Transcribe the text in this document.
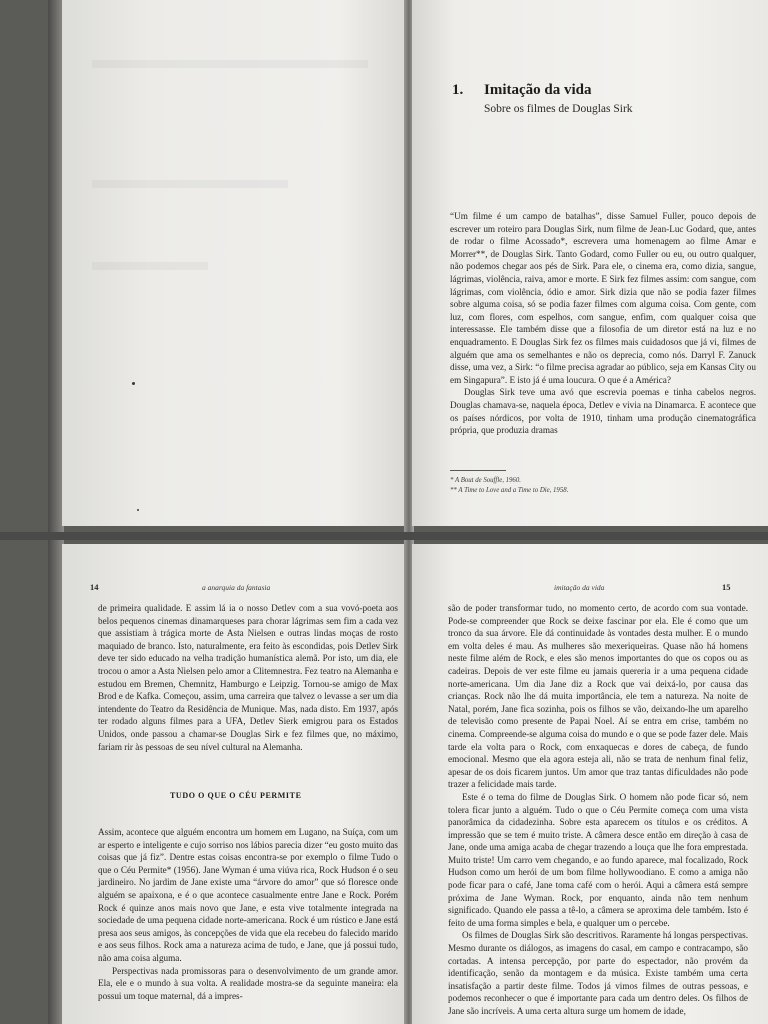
1. Imitação da vida
Sobre os filmes de Douglas Sirk

“Um filme é um campo de batalhas”, disse Samuel Fuller, pouco depois de escrever um roteiro para Douglas Sirk, num filme de Jean-Luc Godard, que, antes de rodar o filme Acossado*, escrevera uma homenagem ao filme Amar e Morrer**, de Douglas Sirk. Tanto Godard, como Fuller ou eu, ou outro qualquer, não podemos chegar aos pés de Sirk. Para ele, o cinema era, como dizia, sangue, lágrimas, violência, raiva, amor e morte. E Sirk fez filmes assim: com sangue, com lágrimas, com violência, ódio e amor. Sirk dizia que não se podia fazer filmes sobre alguma coisa, só se podia fazer filmes com alguma coisa. Com gente, com luz, com flores, com espelhos, com sangue, enfim, com qualquer coisa que interessasse. Ele também disse que a filosofia de um diretor está na luz e no enquadramento. E Douglas Sirk fez os filmes mais cuidadosos que já vi, filmes de alguém que ama os semelhantes e não os deprecia, como nós. Darryl F. Zanuck disse, uma vez, a Sirk: “o filme precisa agradar ao público, seja em Kansas City ou em Singapura”. E isto já é uma loucura. O que é a América?

Douglas Sirk teve uma avó que escrevia poemas e tinha cabelos negros. Douglas chamava-se, naquela época, Detlev e vivia na Dinamarca. E acontece que os países nórdicos, por volta de 1910, tinham uma produção cinematográfica própria, que produzia dramas

* A Bout de Souffle, 1960.
** A Time to Love and a Time to Die, 1958.
14	a anarquia da fantasia

de primeira qualidade. E assim lá ia o nosso Detlev com a sua vovó-poeta aos belos pequenos cinemas dinamarqueses para chorar lágrimas sem fim a cada vez que assistiam à trágica morte de Asta Nielsen e outras lindas moças de rosto maquiado de branco. Isto, naturalmente, era feito às escondidas, pois Detlev Sirk deve ter sido educado na velha tradição humanística alemã. Por isto, um dia, ele trocou o amor a Asta Nielsen pelo amor a Clitemnestra. Fez teatro na Alemanha e estudou em Bremen, Chemnitz, Hamburgo e Leipzig. Tornou-se amigo de Max Brod e de Kafka. Começou, assim, uma carreira que talvez o levasse a ser um dia intendente do Teatro da Residência de Munique. Mas, nada disto. Em 1937, após ter rodado alguns filmes para a UFA, Detlev Sierk emigrou para os Estados Unidos, onde passou a chamar-se Douglas Sirk e fez filmes que, no máximo, fariam rir às pessoas de seu nível cultural na Alemanha.

TUDO O QUE O CÉU PERMITE

Assim, acontece que alguém encontra um homem em Lugano, na Suíça, com um ar esperto e inteligente e cujo sorriso nos lábios parecia dizer “eu gosto muito das coisas que já fiz”. Dentre estas coisas encontra-se por exemplo o filme Tudo o que o Céu Permite* (1956). Jane Wyman é uma viúva rica, Rock Hudson é o seu jardineiro. No jardim de Jane existe uma “árvore do amor” que só floresce onde alguém se apaixona, e é o que acontece casualmente entre Jane e Rock. Porém Rock é quinze anos mais novo que Jane, e esta vive totalmente integrada na sociedade de uma pequena cidade norte-americana. Rock é um rústico e Jane está presa aos seus amigos, às concepções de vida que ela recebeu do falecido marido e aos seus filhos. Rock ama a natureza acima de tudo, e Jane, que já possui tudo, não ama coisa alguma.

Perspectivas nada promissoras para o desenvolvimento de um grande amor. Ela, ele e o mundo à sua volta. A realidade mostra-se da seguinte maneira: ela possui um toque maternal, dá a impres-

imitação da vida	15

são de poder transformar tudo, no momento certo, de acordo com sua vontade. Pode-se compreender que Rock se deixe fascinar por ela. Ele é como que um tronco da sua árvore. Ele dá continuidade às vontades desta mulher. E o mundo em volta deles é mau. As mulheres são mexeriqueiras. Quase não há homens neste filme além de Rock, e eles são menos importantes do que os copos ou as cadeiras. Depois de ver este filme eu jamais quereria ir a uma pequena cidade norte-americana. Um dia Jane diz a Rock que vai deixá-lo, por causa das crianças. Rock não lhe dá muita importância, ele tem a natureza. Na noite de Natal, porém, Jane fica sozinha, pois os filhos se vão, deixando-lhe um aparelho de televisão como presente de Papai Noel. Aí se entra em crise, também no cinema. Compreende-se alguma coisa do mundo e o que se pode fazer dele. Mais tarde ela volta para o Rock, com enxaquecas e dores de cabeça, de fundo emocional. Mesmo que ela agora esteja ali, não se trata de nenhum final feliz, apesar de os dois ficarem juntos. Um amor que traz tantas dificuldades não pode trazer a felicidade mais tarde.

Este é o tema do filme de Douglas Sirk. O homem não pode ficar só, nem tolera ficar junto a alguém. Tudo o que o Céu Permite começa com uma vista panorâmica da cidadezinha. Sobre esta aparecem os títulos e os créditos. A impressão que se tem é muito triste. A câmera desce então em direção à casa de Jane, onde uma amiga acaba de chegar trazendo a louça que lhe fora emprestada. Muito triste! Um carro vem chegando, e ao fundo aparece, mal focalizado, Rock Hudson como um herói de um bom filme hollywoodiano. E como a amiga não pode ficar para o café, Jane toma café com o herói. Aqui a câmera está sempre próxima de Jane Wyman. Rock, por enquanto, ainda não tem nenhum significado. Quando ele passa a tê-lo, a câmera se aproxima dele também. Isto é feito de uma forma simples e bela, e qualquer um o percebe.

Os filmes de Douglas Sirk são descritivos. Raramente há longas perspectivas. Mesmo durante os diálogos, as imagens do casal, em campo e contracampo, são cortadas. A intensa percepção, por parte do espectador, não provém da identificação, senão da montagem e da música. Existe também uma certa insatisfação a partir deste filme. Todos já vimos filmes de outras pessoas, e podemos reconhecer o que é importante para cada um dentro deles. Os filhos de Jane são incríveis. A uma certa altura surge um homem de idade,
